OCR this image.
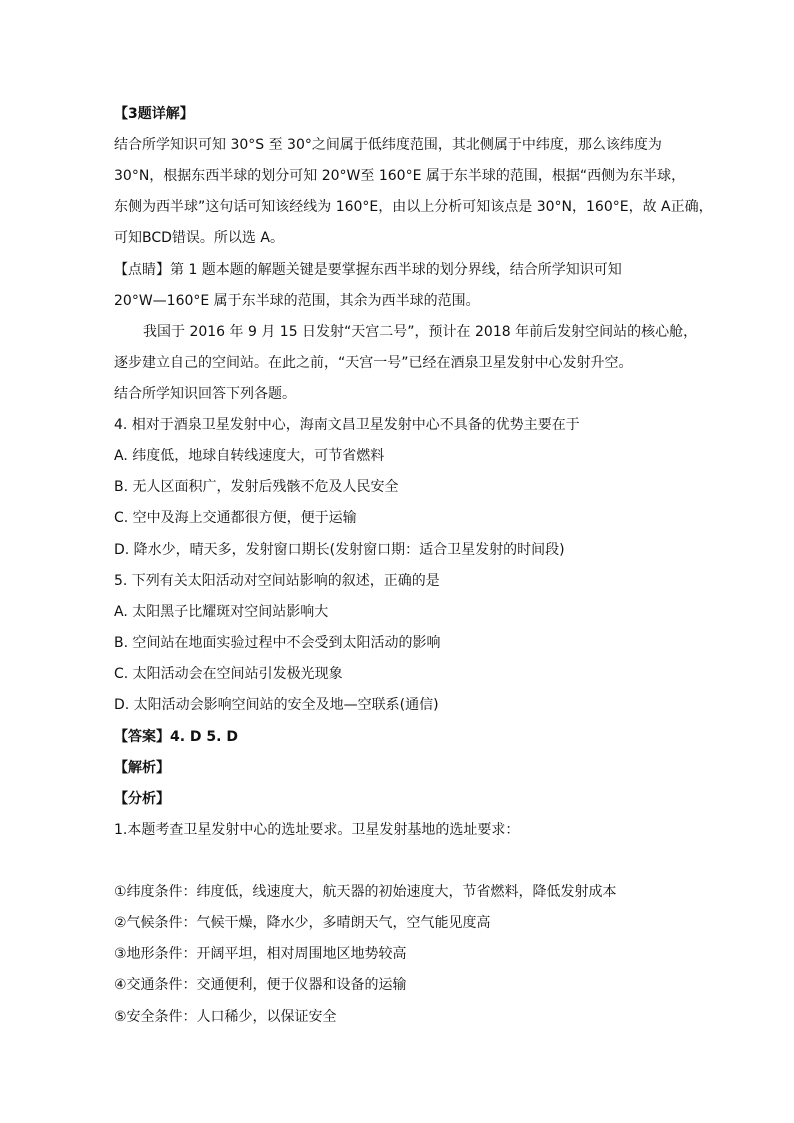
【3题详解】
结合所学知识可知 30°S 至 30°之间属于低纬度范围，其北侧属于中纬度，那么该纬度为
30°N，根据东西半球的划分可知 20°W至 160°E 属于东半球的范围，根据“西侧为东半球，
东侧为西半球”这句话可知该经线为 160°E，由以上分析可知该点是 30°N，160°E，故 A正确，
可知BCD错误。所以选 A。
【点睛】第 1 题本题的解题关键是要掌握东西半球的划分界线，结合所学知识可知
20°W—160°E 属于东半球的范围，其余为西半球的范围。
我国于 2016 年 9 月 15 日发射“天宫二号”，预计在 2018 年前后发射空间站的核心舱，
逐步建立自己的空间站。在此之前，“天宫一号”已经在酒泉卫星发射中心发射升空。
结合所学知识回答下列各题。
4. 相对于酒泉卫星发射中心，海南文昌卫星发射中心不具备的优势主要在于
A. 纬度低，地球自转线速度大，可节省燃料
B. 无人区面积广，发射后残骸不危及人民安全
C. 空中及海上交通都很方便，便于运输
D. 降水少，晴天多，发射窗口期长(发射窗口期：适合卫星发射的时间段)
5. 下列有关太阳活动对空间站影响的叙述，正确的是
A. 太阳黑子比耀斑对空间站影响大
B. 空间站在地面实验过程中不会受到太阳活动的影响
C. 太阳活动会在空间站引发极光现象
D. 太阳活动会影响空间站的安全及地—空联系(通信)
【答案】4. D 5. D
【解析】
【分析】
1.本题考查卫星发射中心的选址要求。卫星发射基地的选址要求：
①纬度条件：纬度低，线速度大，航天器的初始速度大，节省燃料，降低发射成本
②气候条件：气候干燥，降水少，多晴朗天气，空气能见度高
③地形条件：开阔平坦，相对周围地区地势较高
④交通条件：交通便利，便于仪器和设备的运输
⑤安全条件：人口稀少，以保证安全
